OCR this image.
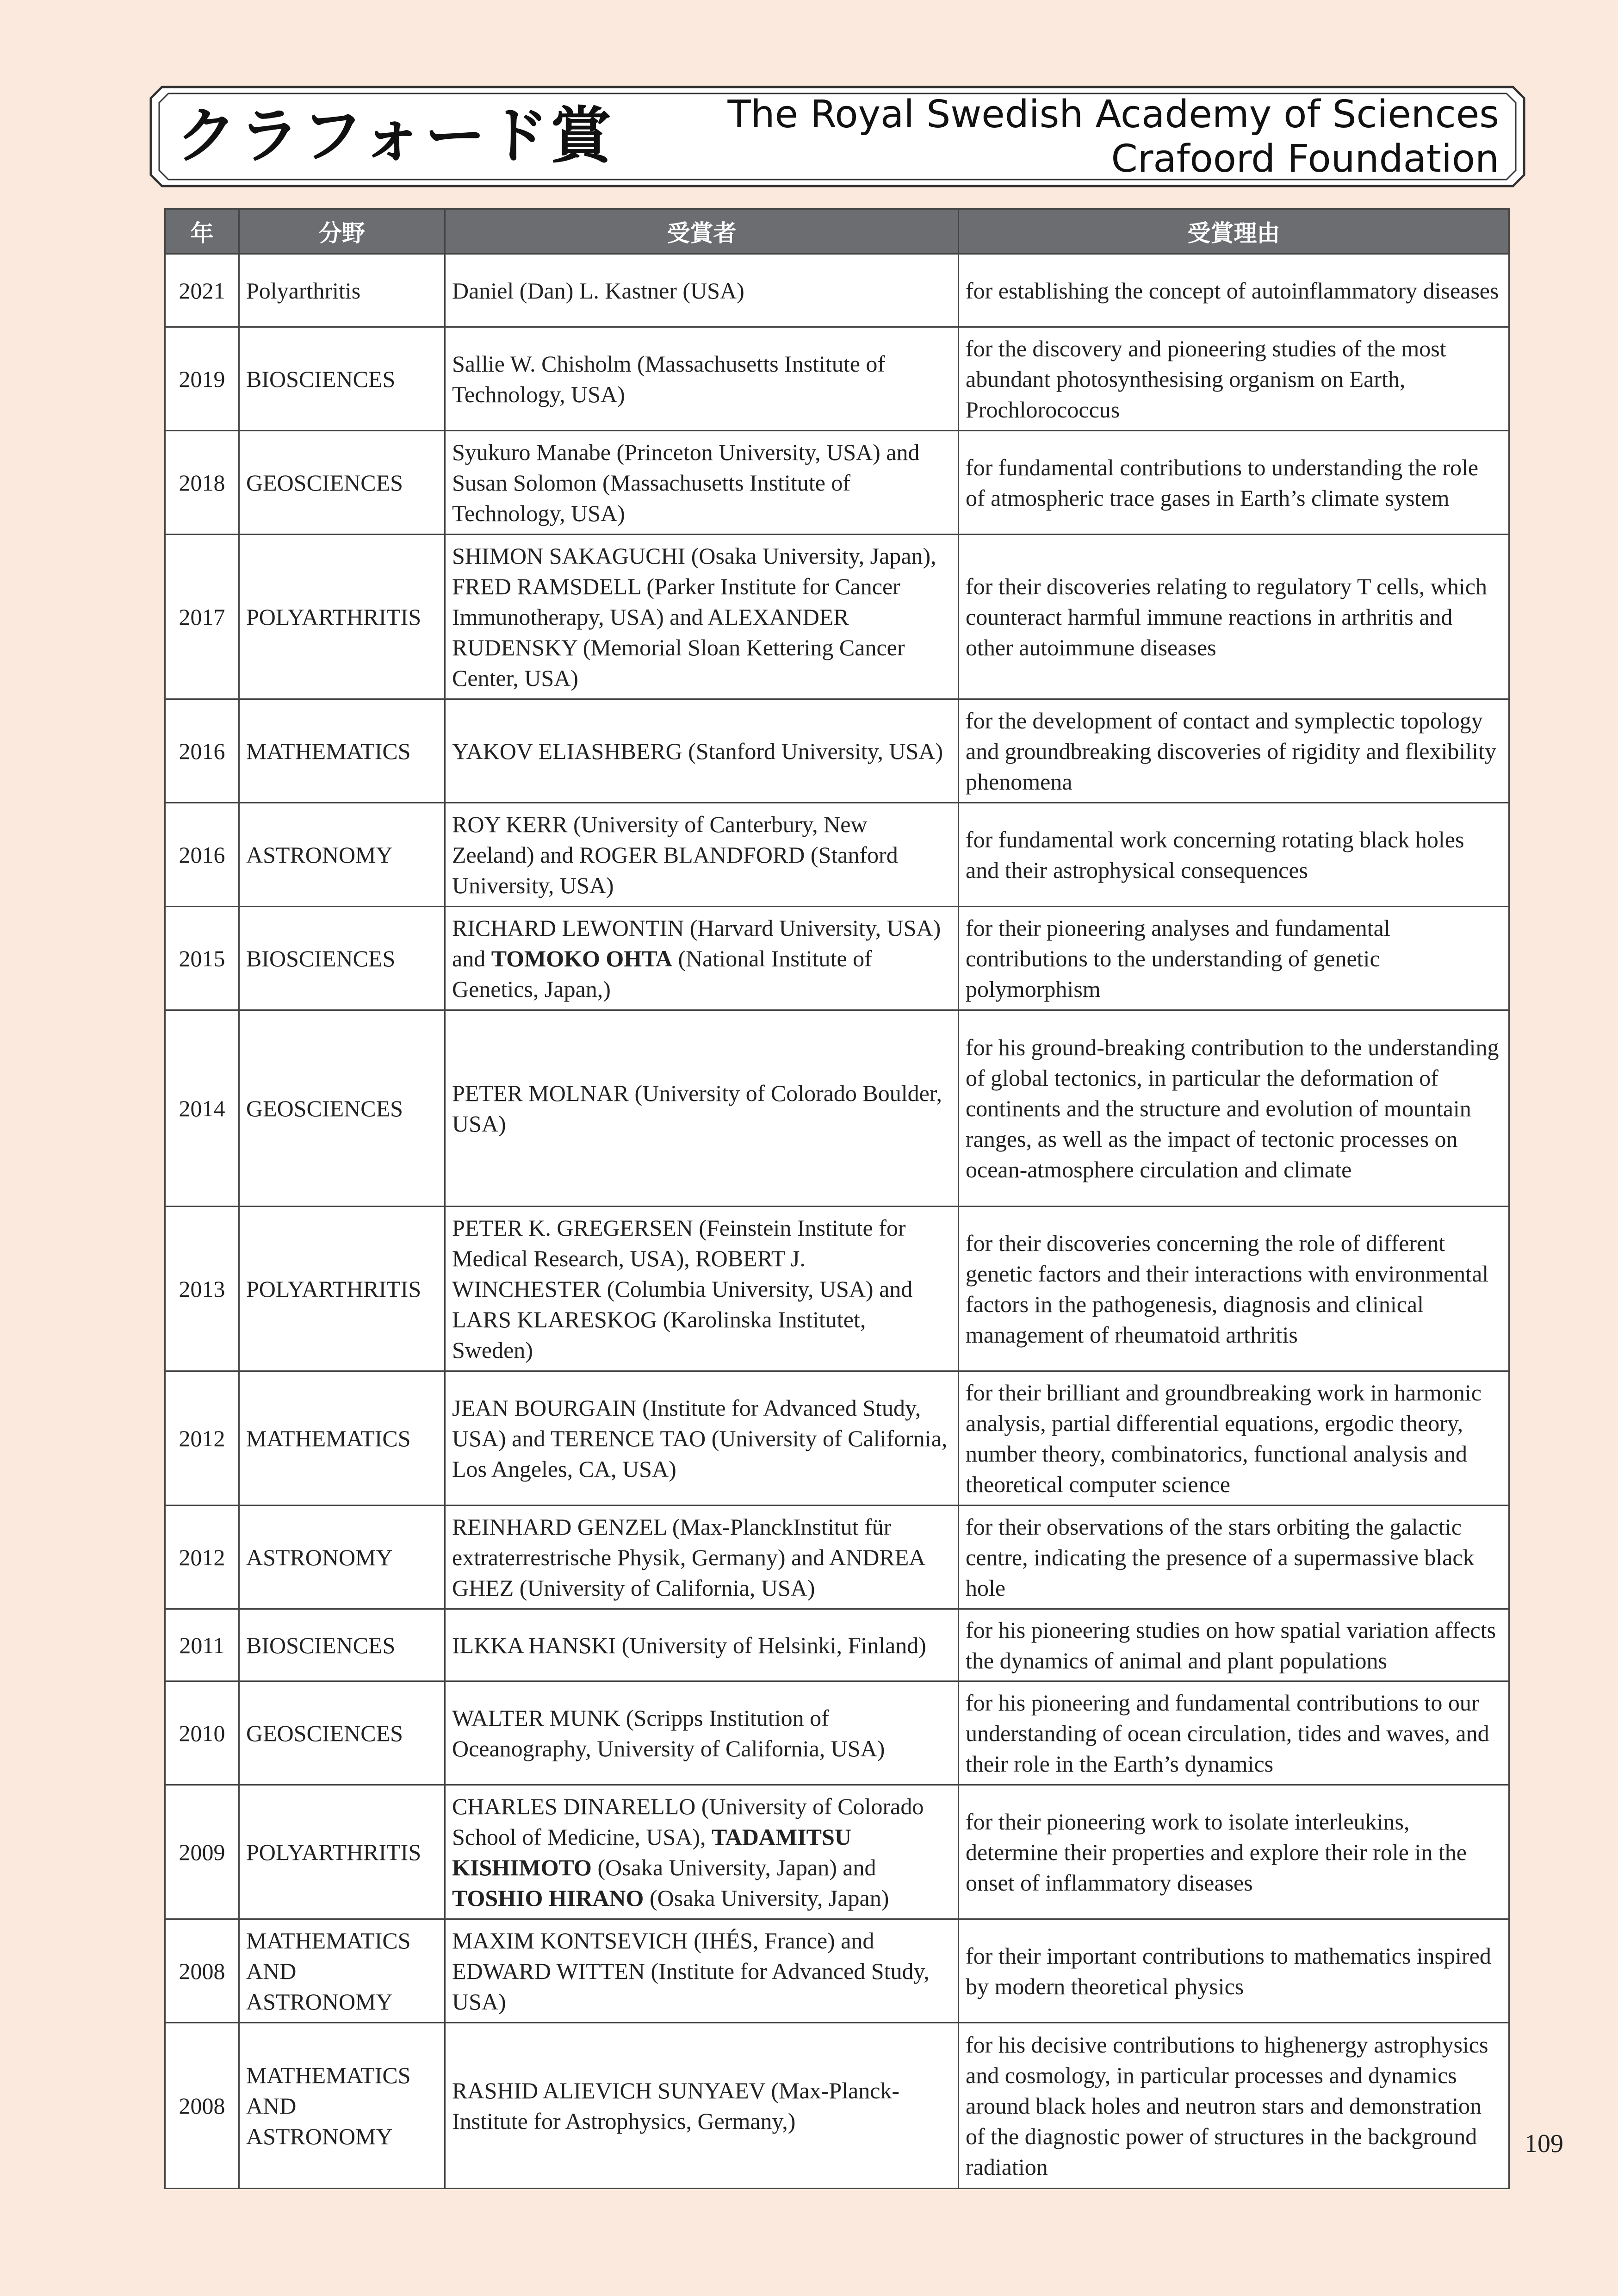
クラフォード賞	The Royal Swedish Academy of Sciences
Crafoord Foundation
年	分野	受賞者	受賞理由
2021	Polyarthritis	Daniel (Dan) L. Kastner (USA)	for establishing the concept of autoinflammatory diseases
2019	BIOSCIENCES	Sallie W. Chisholm (Massachusetts Institute of Technology, USA)	for the discovery and pioneering studies of the most abundant photosynthesising organism on Earth, Prochlorococcus
2018	GEOSCIENCES	Syukuro Manabe (Princeton University, USA) and Susan Solomon (Massachusetts Institute of Technology, USA)	for fundamental contributions to understanding the role of atmospheric trace gases in Earth’s climate system
2017	POLYARTHRITIS	SHIMON SAKAGUCHI (Osaka University, Japan), FRED RAMSDELL (Parker Institute for Cancer Immunotherapy, USA) and ALEXANDER RUDENSKY (Memorial Sloan Kettering Cancer Center, USA)	for their discoveries relating to regulatory T cells, which counteract harmful immune reactions in arthritis and other autoimmune diseases
2016	MATHEMATICS	YAKOV ELIASHBERG (Stanford University, USA)	for the development of contact and symplectic topology and groundbreaking discoveries of rigidity and flexibility phenomena
2016	ASTRONOMY	ROY KERR (University of Canterbury, New Zeeland) and ROGER BLANDFORD (Stanford University, USA)	for fundamental work concerning rotating black holes and their astrophysical consequences
2015	BIOSCIENCES	RICHARD LEWONTIN (Harvard University, USA) and TOMOKO OHTA (National Institute of Genetics, Japan,)	for their pioneering analyses and fundamental contributions to the understanding of genetic polymorphism
2014	GEOSCIENCES	PETER MOLNAR (University of Colorado Boulder, USA)	for his ground-breaking contribution to the understanding of global tectonics, in particular the deformation of continents and the structure and evolution of mountain ranges, as well as the impact of tectonic processes on ocean-atmosphere circulation and climate
2013	POLYARTHRITIS	PETER K. GREGERSEN (Feinstein Institute for Medical Research, USA), ROBERT J. WINCHESTER (Columbia University, USA) and LARS KLARESKOG (Karolinska Institutet, Sweden)	for their discoveries concerning the role of different genetic factors and their interactions with environmental factors in the pathogenesis, diagnosis and clinical management of rheumatoid arthritis
2012	MATHEMATICS	JEAN BOURGAIN (Institute for Advanced Study, USA) and TERENCE TAO (University of California, Los Angeles, CA, USA)	for their brilliant and groundbreaking work in harmonic analysis, partial differential equations, ergodic theory, number theory, combinatorics, functional analysis and theoretical computer science
2012	ASTRONOMY	REINHARD GENZEL (Max-PlanckInstitut für extraterrestrische Physik, Germany) and ANDREA GHEZ (University of California, USA)	for their observations of the stars orbiting the galactic centre, indicating the presence of a supermassive black hole
2011	BIOSCIENCES	ILKKA HANSKI (University of Helsinki, Finland)	for his pioneering studies on how spatial variation affects the dynamics of animal and plant populations
2010	GEOSCIENCES	WALTER MUNK (Scripps Institution of Oceanography, University of California, USA)	for his pioneering and fundamental contributions to our understanding of ocean circulation, tides and waves, and their role in the Earth’s dynamics
2009	POLYARTHRITIS	CHARLES DINARELLO (University of Colorado School of Medicine, USA), TADAMITSU KISHIMOTO (Osaka University, Japan) and TOSHIO HIRANO (Osaka University, Japan)	for their pioneering work to isolate interleukins, determine their properties and explore their role in the onset of inflammatory diseases
2008	MATHEMATICS AND ASTRONOMY	MAXIM KONTSEVICH (IHÉS, France) and EDWARD WITTEN (Institute for Advanced Study, USA)	for their important contributions to mathematics inspired by modern theoretical physics
2008	MATHEMATICS AND ASTRONOMY	RASHID ALIEVICH SUNYAEV (Max-Planck-Institute for Astrophysics, Germany,)	for his decisive contributions to highenergy astrophysics and cosmology, in particular processes and dynamics around black holes and neutron stars and demonstration of the diagnostic power of structures in the background radiation
109
